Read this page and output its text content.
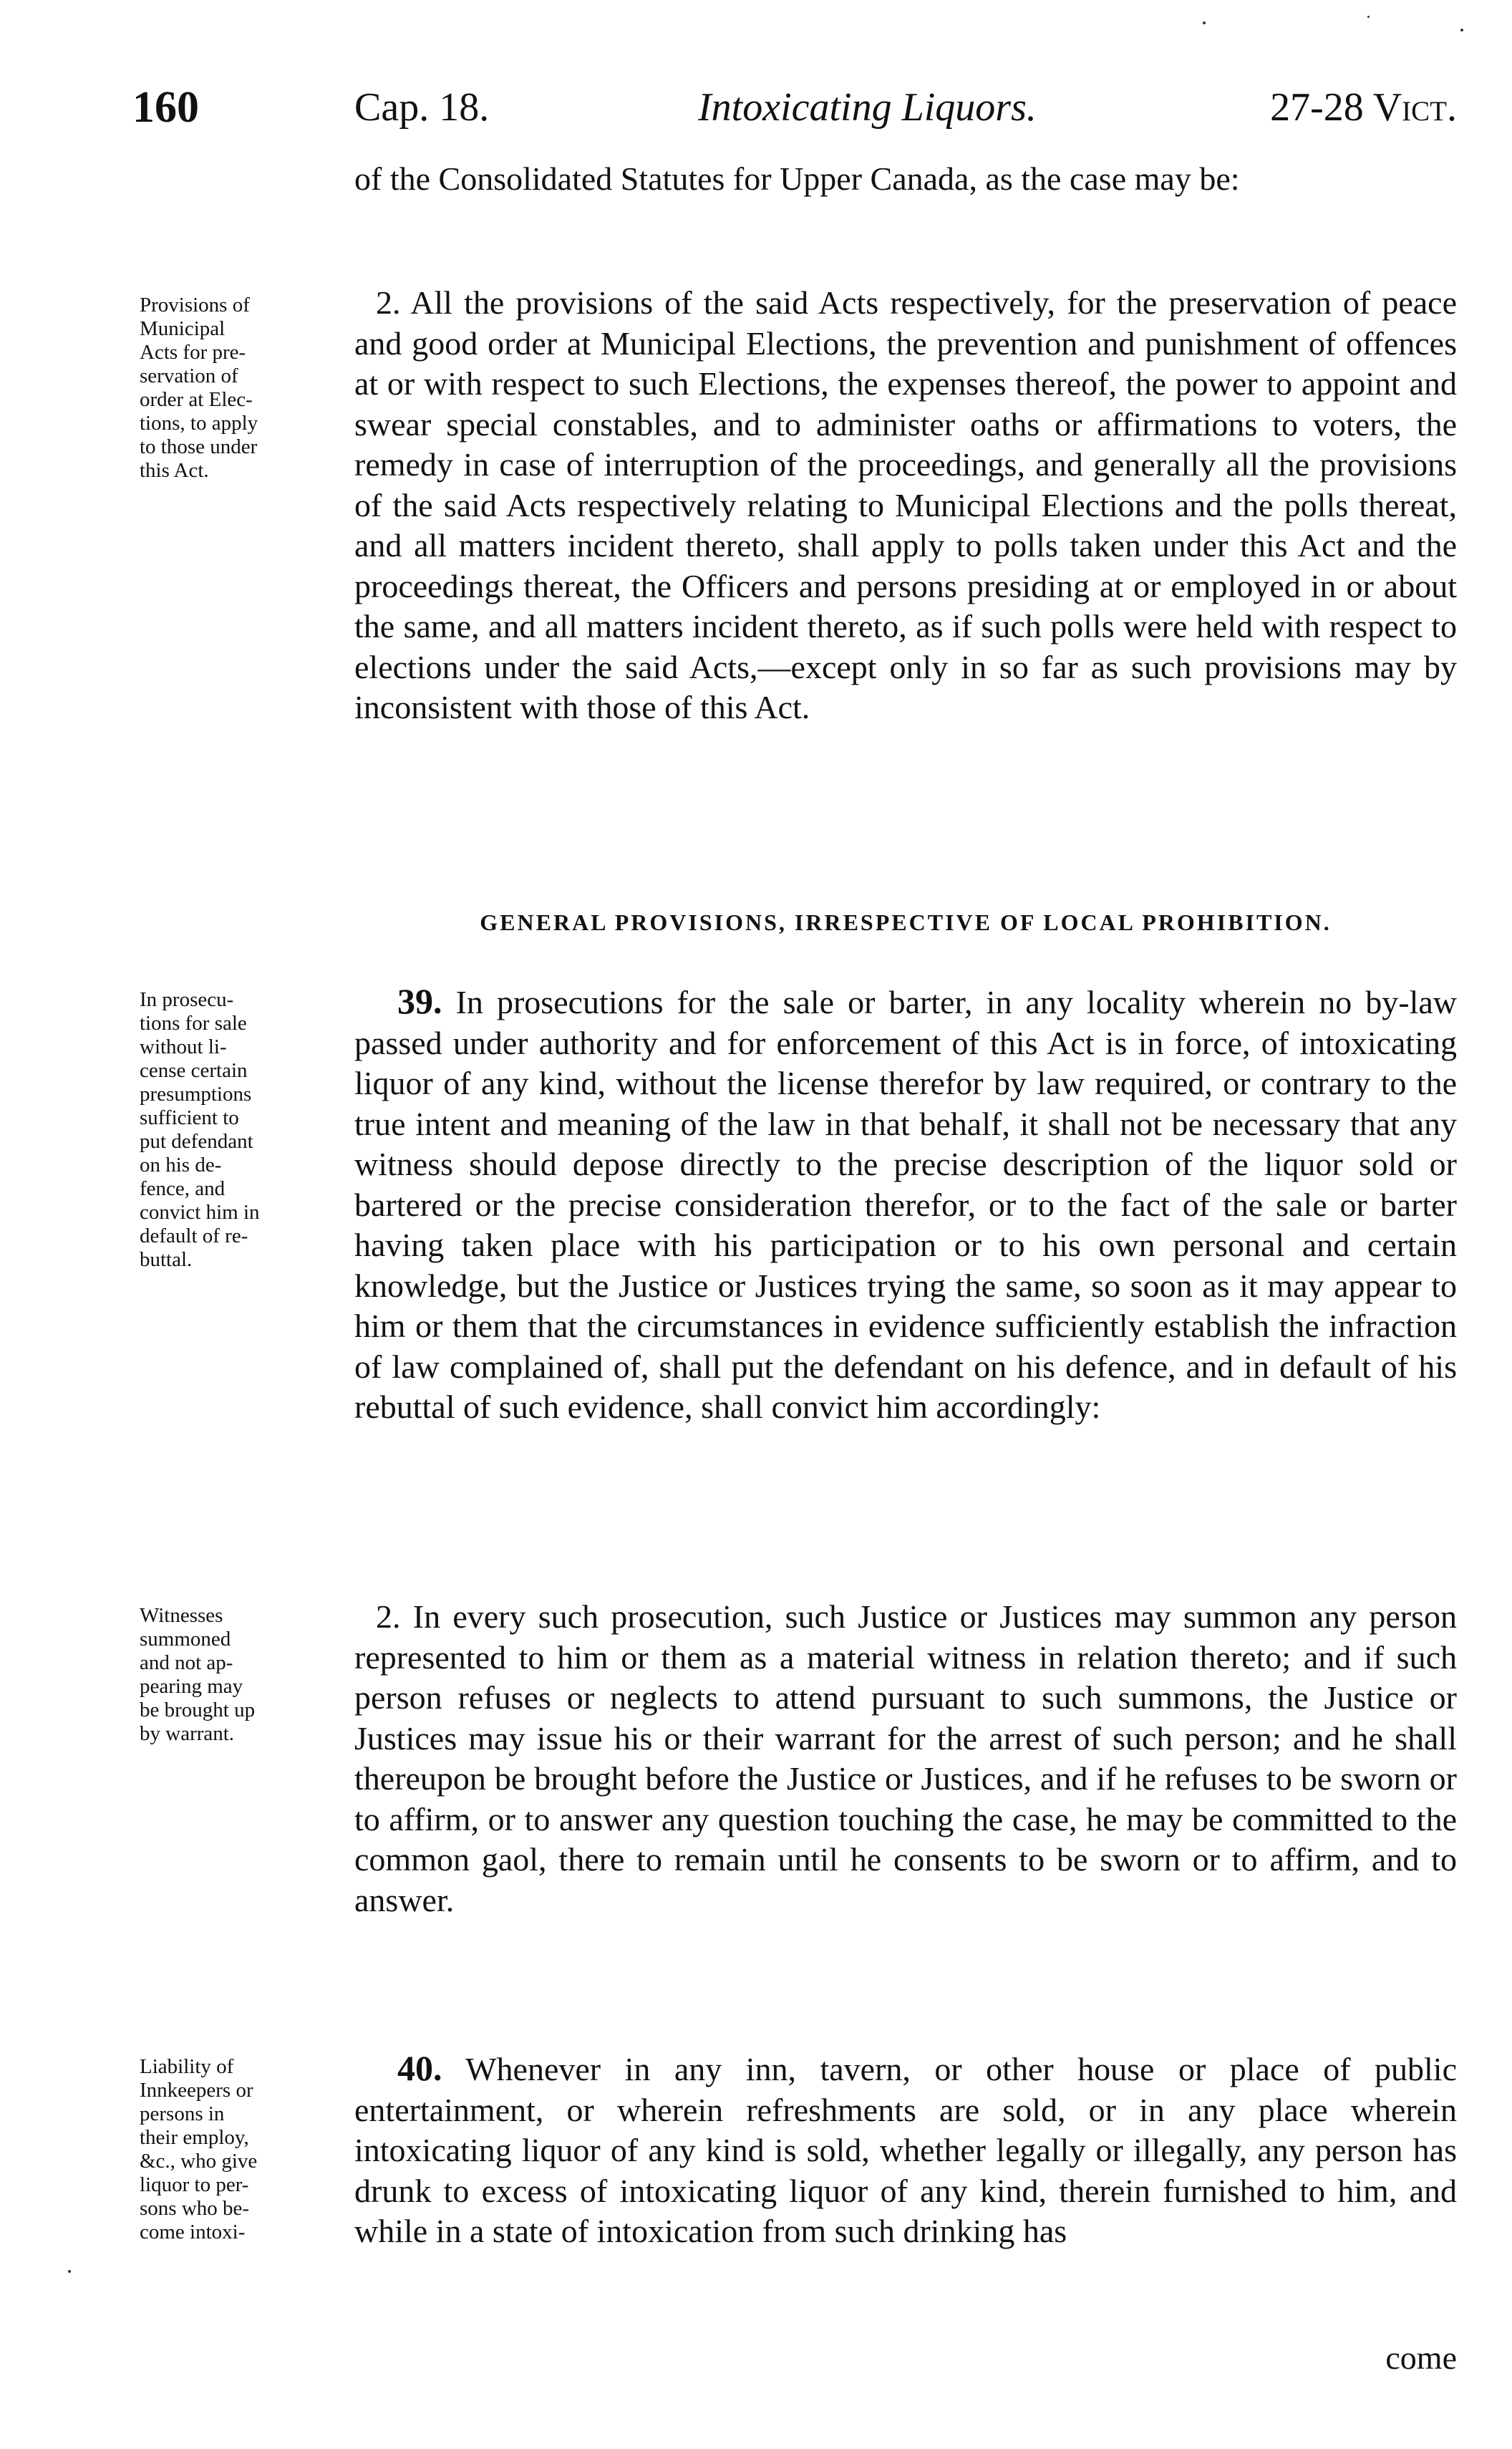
160	Cap. 18.	Intoxicating Liquors.	27-28 Vict.

of the Consolidated Statutes for Upper Canada, as the case may be:

2. All the provisions of the said Acts respectively, for the preservation of peace and good order at Municipal Elections, the prevention and punishment of offences at or with respect to such Elections, the expenses thereof, the power to appoint and swear special constables, and to administer oaths or affirmations to voters, the remedy in case of interruption of the proceedings, and generally all the provisions of the said Acts respectively relating to Municipal Elections and the polls thereat, and all matters incident thereto, shall apply to polls taken under this Act and the proceedings thereat, the Officers and persons presiding at or employed in or about the same, and all matters incident thereto, as if such polls were held with respect to elections under the said Acts,—except only in so far as such provisions may by inconsistent with those of this Act.

GENERAL PROVISIONS, IRRESPECTIVE OF LOCAL PROHIBITION.

39. In prosecutions for the sale or barter, in any locality wherein no by-law passed under authority and for enforcement of this Act is in force, of intoxicating liquor of any kind, without the license therefor by law required, or contrary to the true intent and meaning of the law in that behalf, it shall not be necessary that any witness should depose directly to the precise description of the liquor sold or bartered or the precise consideration therefor, or to the fact of the sale or barter having taken place with his participation or to his own personal and certain knowledge, but the Justice or Justices trying the same, so soon as it may appear to him or them that the circumstances in evidence sufficiently establish the infraction of law complained of, shall put the defendant on his defence, and in default of his rebuttal of such evidence, shall convict him accordingly:

2. In every such prosecution, such Justice or Justices may summon any person represented to him or them as a material witness in relation thereto; and if such person refuses or neglects to attend pursuant to such summons, the Justice or Justices may issue his or their warrant for the arrest of such person; and he shall thereupon be brought before the Justice or Justices, and if he refuses to be sworn or to affirm, or to answer any question touching the case, he may be committed to the common gaol, there to remain until he consents to be sworn or to affirm, and to answer.

40. Whenever in any inn, tavern, or other house or place of public entertainment, or wherein refreshments are sold, or in any place wherein intoxicating liquor of any kind is sold, whether legally or illegally, any person has drunk to excess of intoxicating liquor of any kind, therein furnished to him, and while in a state of intoxication from such drinking has

come
Provisions of
Municipal
Acts for pre-
servation of
order at Elec-
tions, to apply
to those under
this Act.
In prosecu-
tions for sale
without li-
cense certain
presumptions
sufficient to
put defendant
on his de-
fence, and
convict him in
default of re-
buttal.
Witnesses
summoned
and not ap-
pearing may
be brought up
by warrant.
Liability of
Innkeepers or
persons in
their employ,
&c., who give
liquor to per-
sons who be-
come intoxi-
